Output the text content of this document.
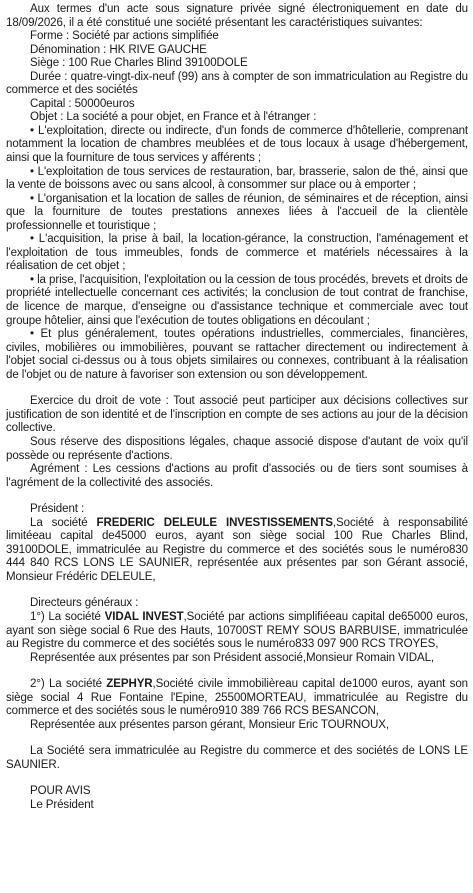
Aux termes d'un acte sous signature privée signé électroniquement en date du 18/09/2026, il a été constitué une société présentant les caractéristiques suivantes:

Forme : Société par actions simplifiée

Dénomination : HK RIVE GAUCHE

Siège : 100 Rue Charles Blind 39100DOLE

Durée : quatre-vingt-dix-neuf (99) ans à compter de son immatriculation au Registre du commerce et des sociétés

Capital : 50000euros

Objet : La société a pour objet, en France et à l'étranger :

• L'exploitation, directe ou indirecte, d'un fonds de commerce d'hôtellerie, comprenant notamment la location de chambres meublées et de tous locaux à usage d'hébergement, ainsi que la fourniture de tous services y afférents ;

• L'exploitation de tous services de restauration, bar, brasserie, salon de thé, ainsi que la vente de boissons avec ou sans alcool, à consommer sur place ou à emporter ;

• L'organisation et la location de salles de réunion, de séminaires et de réception, ainsi que la fourniture de toutes prestations annexes liées à l'accueil de la clientèle professionnelle et touristique ;

• L'acquisition, la prise à bail, la location-gérance, la construction, l'aménagement et l'exploitation de tous immeubles, fonds de commerce et matériels nécessaires à la réalisation de cet objet ;

• la prise, l'acquisition, l'exploitation ou la cession de tous procédés, brevets et droits de propriété intellectuelle concernant ces activités; la conclusion de tout contrat de franchise, de licence de marque, d'enseigne ou d'assistance technique et commerciale avec tout groupe hôtelier, ainsi que l'exécution de toutes obligations en découlant ;

• Et plus généralement, toutes opérations industrielles, commerciales, financières, civiles, mobilières ou immobilières, pouvant se rattacher directement ou indirectement à l'objet social ci-dessus ou à tous objets similaires ou connexes, contribuant à la réalisation de l'objet ou de nature à favoriser son extension ou son développement.

Exercice du droit de vote : Tout associé peut participer aux décisions collectives sur justification de son identité et de l'inscription en compte de ses actions au jour de la décision collective.

Sous réserve des dispositions légales, chaque associé dispose d'autant de voix qu'il possède ou représente d'actions.

Agrément : Les cessions d'actions au profit d'associés ou de tiers sont soumises à l'agrément de la collectivité des associés.

Président :

La société FREDERIC DELEULE INVESTISSEMENTS,Société à responsabilité limitéeau capital de45000 euros, ayant son siège social 100 Rue Charles Blind, 39100DOLE, immatriculée au Registre du commerce et des sociétés sous le numéro830 444 840 RCS LONS LE SAUNIER, représentée aux présentes par son Gérant associé, Monsieur Frédéric DELEULE,

Directeurs généraux :

1°) La société VIDAL INVEST,Société par actions simplifiéeau capital de65000 euros, ayant son siège social 6 Rue des Hauts, 10700ST REMY SOUS BARBUISE, immatriculée au Registre du commerce et des sociétés sous le numéro833 097 900 RCS TROYES,

Représentée aux présentes par son Président associé,Monsieur Romain VIDAL,

2°) La société ZEPHYR,Société civile immobilièreau capital de1000 euros, ayant son siège social 4 Rue Fontaine l'Epine, 25500MORTEAU, immatriculée au Registre du commerce et des sociétés sous le numéro910 389 766 RCS BESANCON,

Représentée aux présentes parson gérant, Monsieur Eric TOURNOUX,

La Société sera immatriculée au Registre du commerce et des sociétés de LONS LE SAUNIER.

POUR AVIS

Le Président
